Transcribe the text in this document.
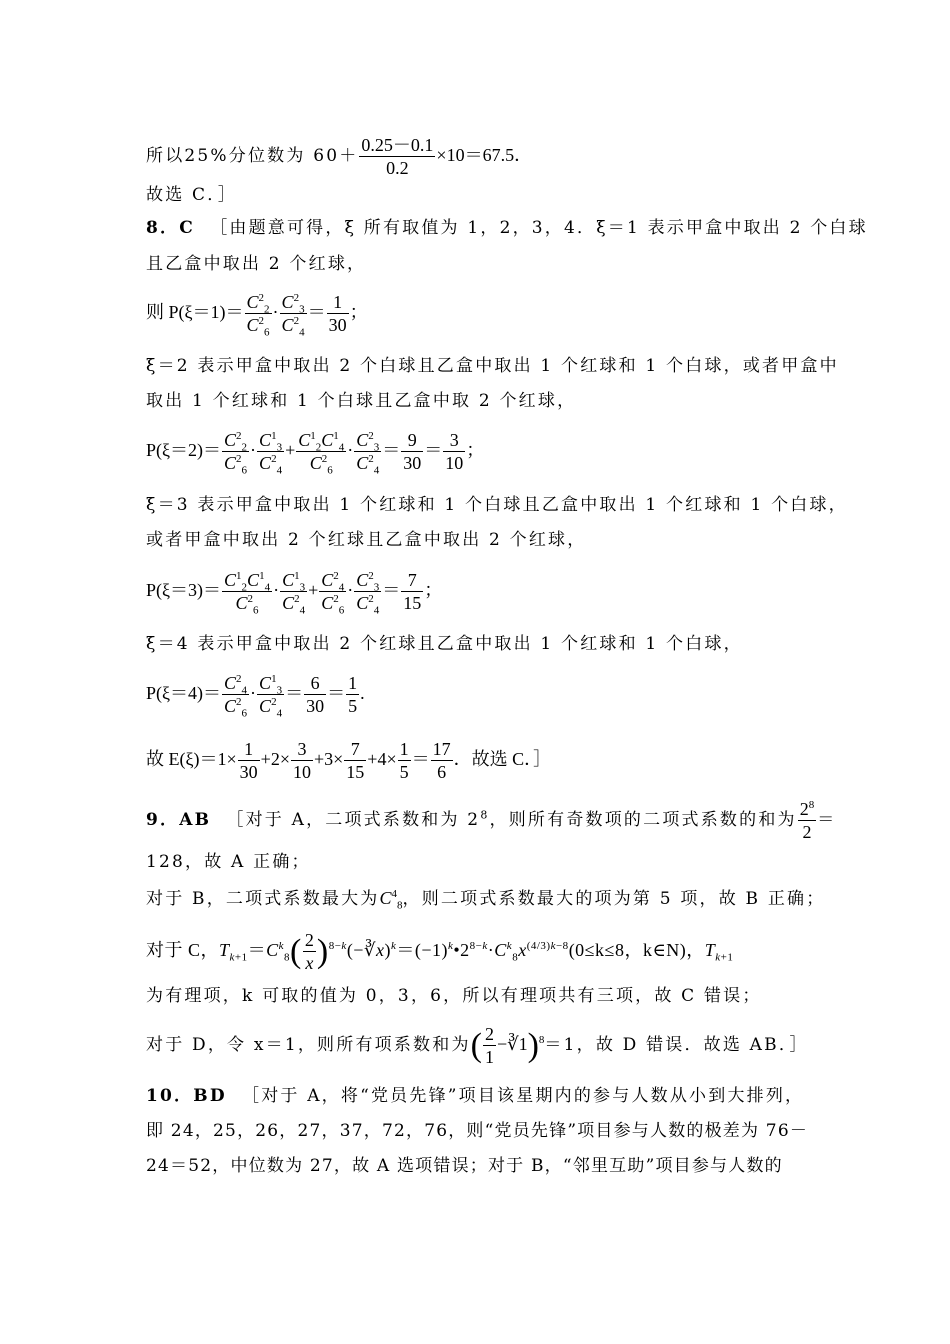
所以25%分位数为 $60+ \frac{0.25-0.1}{0.2} \times 10=67.5$．
故选 C．］
8．C ［由题意可得，ξ 所有取值为 1，2，3，4．ξ＝1 表示甲盒中取出 2 个白球
且乙盒中取出 2 个红球，
则 $P(\xi=1)= \frac{C^2_2}{C^2_6} \cdot \frac{C^2_3}{C^2_4} = \frac{1}{30}$ ；
ξ＝2 表示甲盒中取出 2 个白球且乙盒中取出 1 个红球和 1 个白球，或者甲盒中
取出 1 个红球和 1 个白球且乙盒中取 2 个红球，
$P(\xi=2)= \frac{C^2_2}{C^2_6} \cdot \frac{C^1_3}{C^2_4} + \frac{C^1_2C^1_4}{C^2_6} \cdot \frac{C^2_3}{C^2_4} = \frac{9}{30} = \frac{3}{10}$ ；
ξ＝3 表示甲盒中取出 1 个红球和 1 个白球且乙盒中取出 1 个红球和 1 个白球，
或者甲盒中取出 2 个红球且乙盒中取出 2 个红球，
$P(\xi=3)= \frac{C^1_2C^1_4}{C^2_6} \cdot \frac{C^1_3}{C^2_4} + \frac{C^2_4}{C^2_6} \cdot \frac{C^2_3}{C^2_4} = \frac{7}{15}$ ；
ξ＝4 表示甲盒中取出 2 个红球且乙盒中取出 1 个红球和 1 个白球，
$P(\xi=4)= \frac{C^2_4}{C^2_6} \cdot \frac{C^1_3}{C^2_4} = \frac{6}{30} = \frac{1}{5}$ .
故 $E(\xi)=1\times \frac{1}{30} +2\times \frac{3}{10} +3\times \frac{7}{15} +4\times \frac{1}{5} = \frac{17}{6}$ ．故选 C．］
9．AB ［对于 A，二项式系数和为 $2^8$，则所有奇数项的二项式系数的和为 $\frac{2^8}{2}$ ＝
128，故 A 正确；
对于 B，二项式系数最大为$C^4_8$，则二项式系数最大的项为第 5 项，故 B 正确；
对于 C，$T_{k+1}=C^k_8( \frac{2}{x}$ )$^{8-k}(-∛x)^k=(-1)^k•2^{8-k}\cdot C^k_8x^{(4/3)k-8}(0\le k\le 8$，k∈N)，$T_{k+1}$
为有理项，k 可取的值为 0，3，6，所以有理项共有三项，故 C 错误；
对于 D，令 x＝1，则所有项系数和为( $\frac{2}{1}$ −∛1)$^8$＝1，故 D 错误．故选 AB．］
10．BD ［对于 A，将“党员先锋”项目该星期内的参与人数从小到大排列，
即 24，25，26，27，37，72，76，则“党员先锋”项目参与人数的极差为 76－
24＝52，中位数为 27，故 A 选项错误；对于 B，“邻里互助”项目参与人数的
